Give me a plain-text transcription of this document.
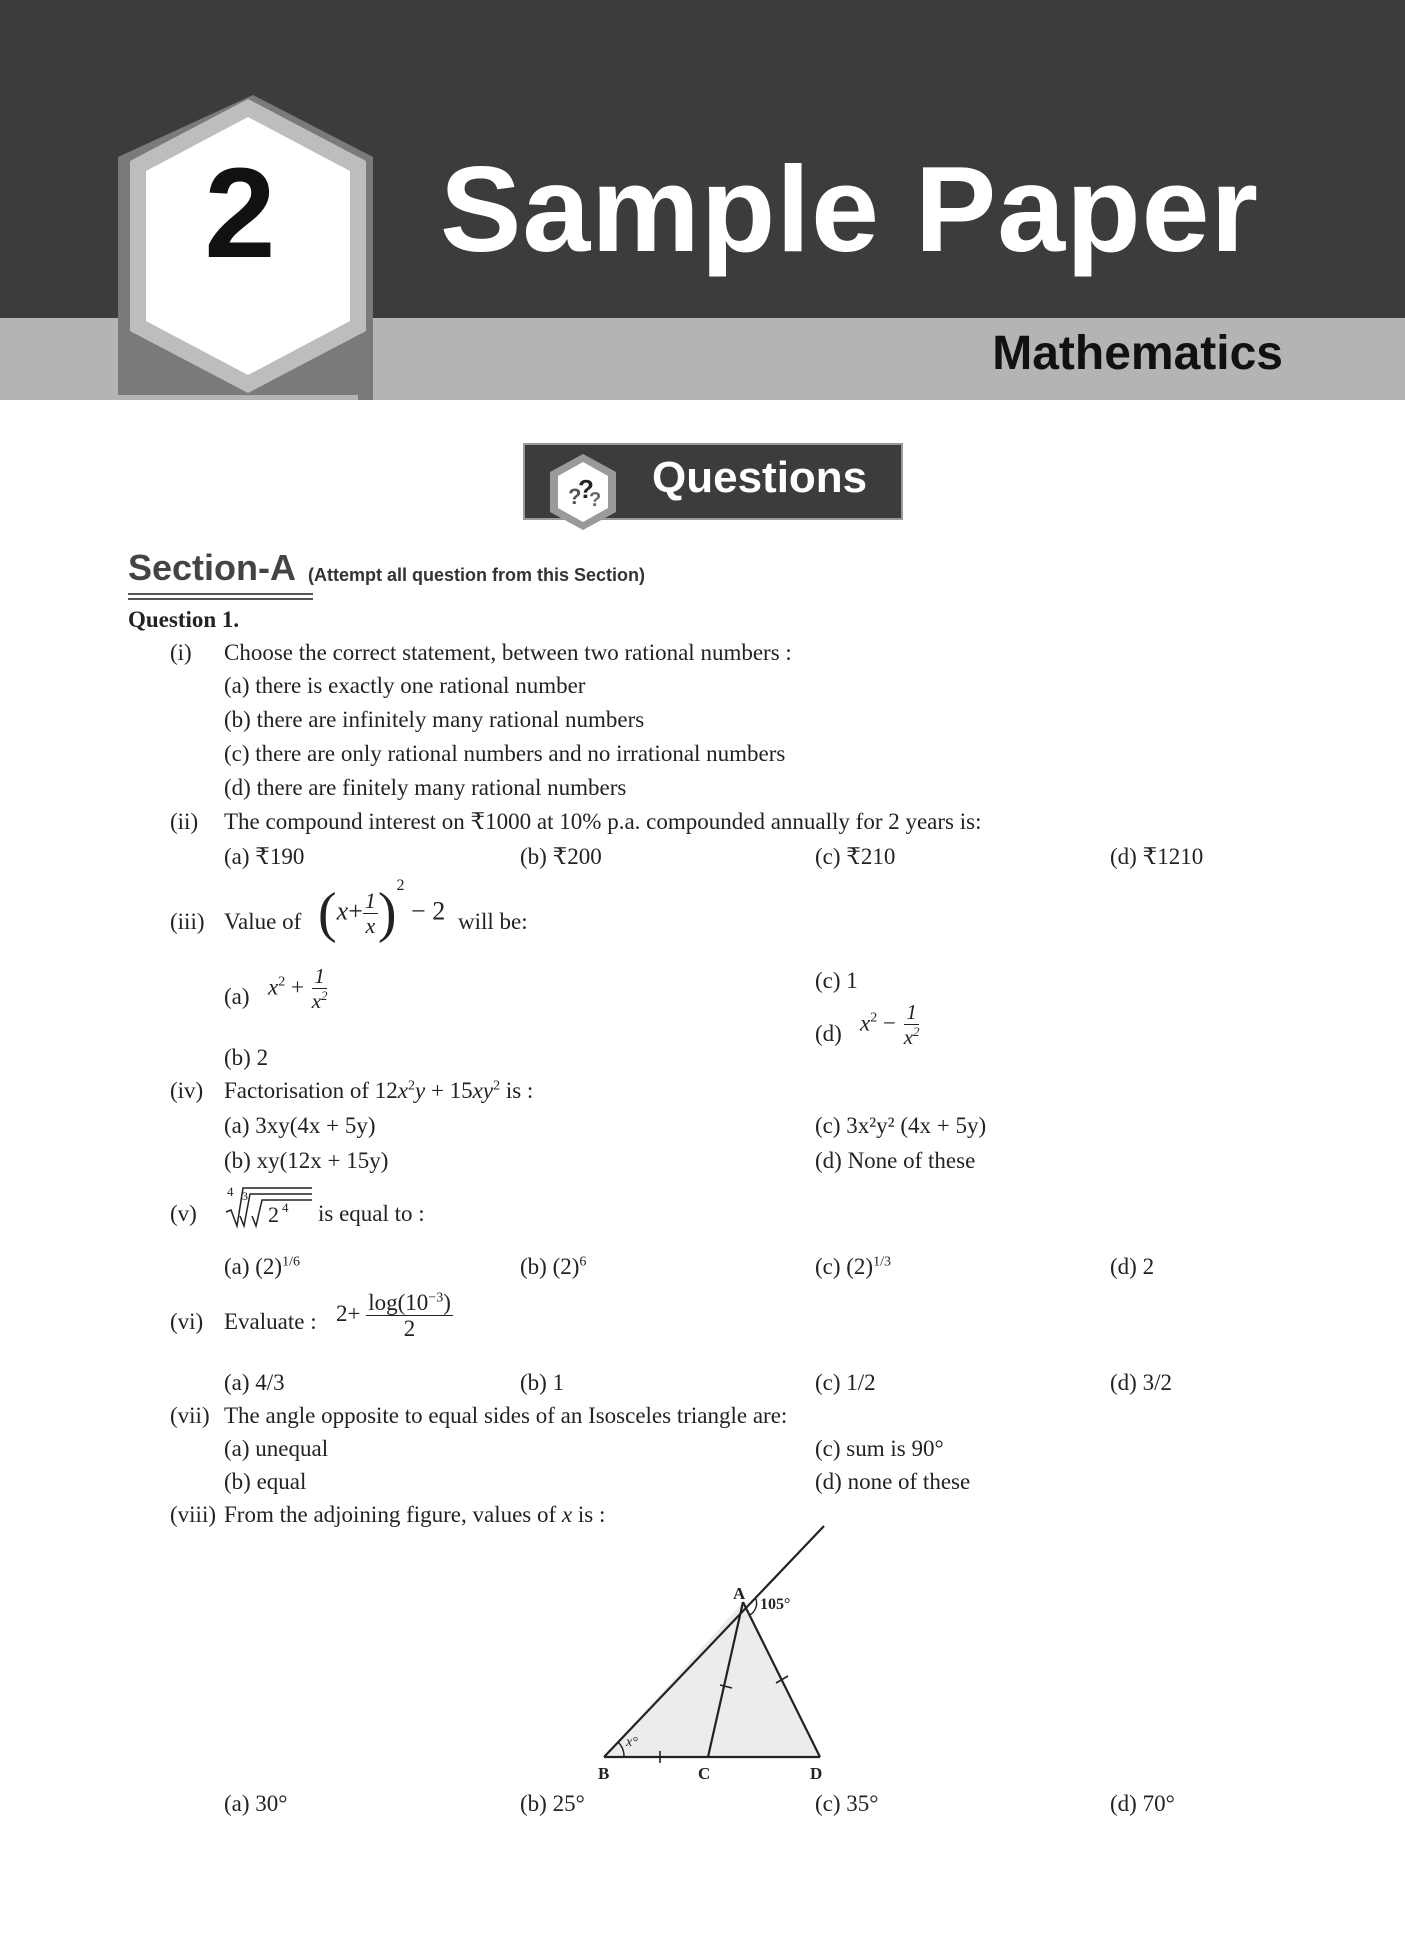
2	Sample Paper
Mathematics
?
?
? Questions
Section-A (Attempt all question from this Section)
Question 1.
(i) Choose the correct statement, between two rational numbers :
(a) there is exactly one rational number
(b) there are infinitely many rational numbers
(c) there are only rational numbers and no irrational numbers
(d) there are finitely many rational numbers
(ii) The compound interest on ₹1000 at 10% p.a. compounded annually for 2 years is:
(a) ₹190	(b) ₹200	(c) ₹210	(d) ₹1210
(iii) Value of $(x+ \frac{1}{x} )^2 - 2$ will be:
(a) $x^2 + \frac{1}{x^2}$
(b) 2
(c) 1
(d) $x^2 - \frac{1}{x^2}$
(iv) Factorisation of $12x^2y + 15xy^2$ is :
(a) 3xy(4x + 5y)
(b) xy(12x + 15y)
(c) 3x²y² (4x + 5y)
(d) None of these
(v)
4 3
2 4 is equal to :
(a) $(2)^{1/6}$	(b) $(2)^6$	(c) $(2)^{1/3}$	(d) 2
(vi) Evaluate : $2+ \frac{\log(10^{-3})}{2}$
(a) 4/3	(b) 1	(c) 1/2	(d) 3/2
(vii) The angle opposite to equal sides of an Isosceles triangle are:
(a) unequal
(b) equal
(c) sum is 90°
(d) none of these
(viii) From the adjoining figure, values of x is :
A
B	C	D
105°
x°
(a) 30°	(b) 25°	(c) 35°	(d) 70°
